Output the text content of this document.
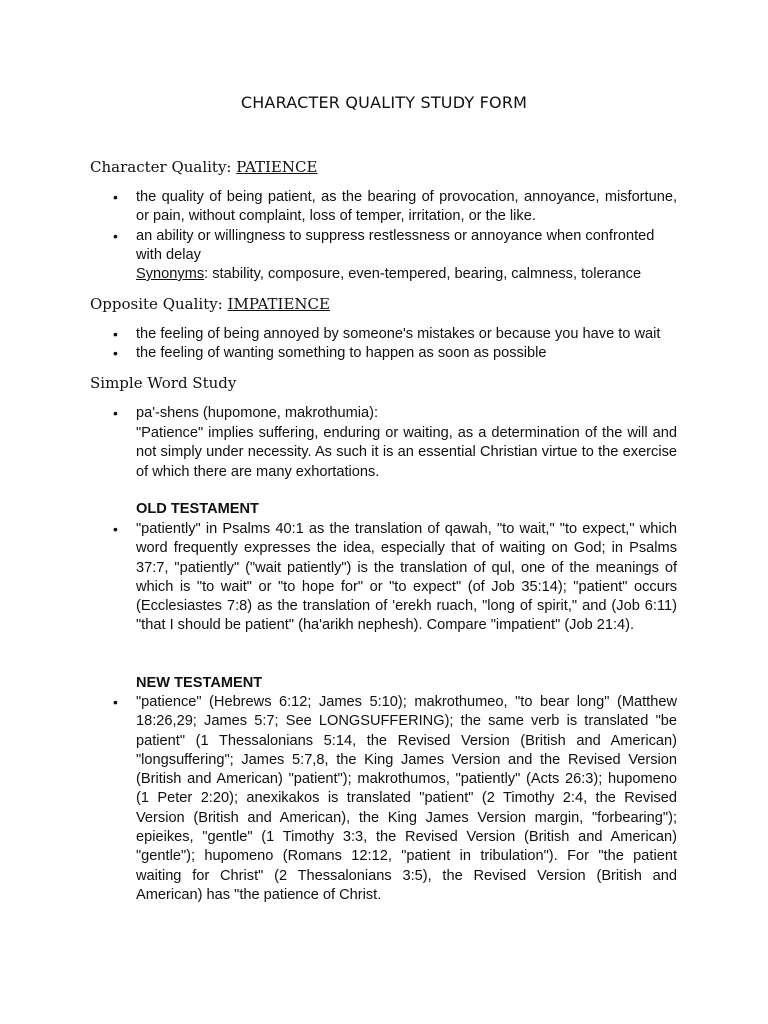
CHARACTER QUALITY STUDY FORM
Character Quality: PATIENCE
• the quality of being patient, as the bearing of provocation, annoyance, misfortune, or pain, without complaint, loss of temper, irritation, or the like.
• an ability or willingness to suppress restlessness or annoyance when confronted with delay
Synonyms: stability, composure, even-tempered, bearing, calmness, tolerance
Opposite Quality: IMPATIENCE
• the feeling of being annoyed by someone's mistakes or because you have to wait
• the feeling of wanting something to happen as soon as possible
Simple Word Study
• pa'-shens (hupomone, makrothumia):
"Patience" implies suffering, enduring or waiting, as a determination of the will and not simply under necessity. As such it is an essential Christian virtue to the exercise of which there are many exhortations.
OLD TESTAMENT
• "patiently" in Psalms 40:1 as the translation of qawah, "to wait," "to expect," which word frequently expresses the idea, especially that of waiting on God; in Psalms 37:7, "patiently" ("wait patiently") is the translation of qul, one of the meanings of which is "to wait" or "to hope for" or "to expect" (of Job 35:14); "patient" occurs (Ecclesiastes 7:8) as the translation of 'erekh ruach, "long of spirit," and (Job 6:11) "that I should be patient" (ha'arikh nephesh). Compare "impatient" (Job 21:4).
NEW TESTAMENT
• "patience" (Hebrews 6:12; James 5:10); makrothumeo, "to bear long" (Matthew 18:26,29; James 5:7; See LONGSUFFERING); the same verb is translated "be patient" (1 Thessalonians 5:14, the Revised Version (British and American) "longsuffering"; James 5:7,8, the King James Version and the Revised Version (British and American) "patient"); makrothumos, "patiently" (Acts 26:3); hupomeno (1 Peter 2:20); anexikakos is translated "patient" (2 Timothy 2:4, the Revised Version (British and American), the King James Version margin, "forbearing"); epieikes, "gentle" (1 Timothy 3:3, the Revised Version (British and American) "gentle"); hupomeno (Romans 12:12, "patient in tribulation"). For "the patient waiting for Christ" (2 Thessalonians 3:5), the Revised Version (British and American) has "the patience of Christ.
